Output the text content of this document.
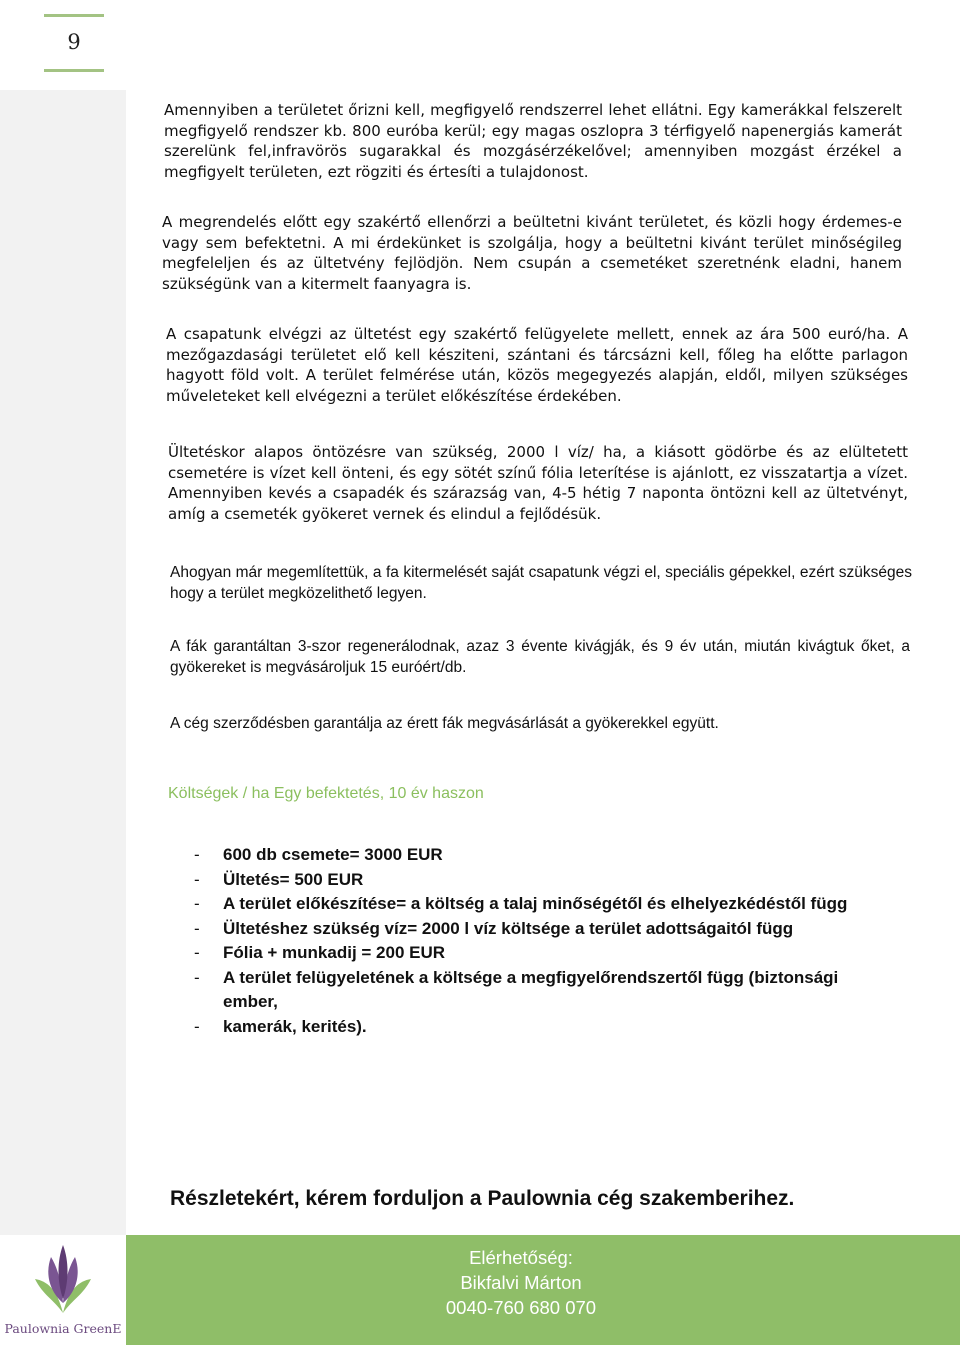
9

Amennyiben a területet őrizni kell, megfigyelő rendszerrel lehet ellátni. Egy kamerákkal felszerelt megfigyelő rendszer kb. 800 euróba kerül; egy magas oszlopra 3 térfigyelő napenergiás kamerát szerelünk fel,infravörös sugarakkal és mozgásérzékelővel; amennyiben mozgást érzékel a megfigyelt területen, ezt rögziti és értesíti a tulajdonost.

A megrendelés előtt egy szakértő ellenőrzi a beültetni kivánt területet, és közli hogy érdemes-e vagy sem befektetni. A mi érdekünket is szolgálja, hogy a beültetni kivánt terület minőségileg megfeleljen és az ültetvény fejlödjön. Nem csupán a csemetéket szeretnénk eladni, hanem szükségünk van a kitermelt faanyagra is.

A csapatunk elvégzi az ültetést egy szakértő felügyelete mellett, ennek az ára 500 euró/ha. A mezőgazdasági területet elő kell késziteni, szántani és tárcsázni kell, főleg ha előtte parlagon hagyott föld volt. A terület felmérése után, közös megegyezés alapján, eldől, milyen szükséges műveleteket kell elvégezni a terület előkészítése érdekében.

Ültetéskor alapos öntözésre van szükség, 2000 l víz/ ha, a kiásott gödörbe és az elültetett csemetére is vízet kell önteni, és egy sötét színű fólia leterítése is ajánlott, ez visszatartja a vízet. Amennyiben kevés a csapadék és szárazság van, 4-5 hétig 7 naponta öntözni kell az ültetvényt, amíg a csemeték gyökeret vernek és elindul a fejlődésük.

Ahogyan már megemlítettük, a fa kitermelését saját csapatunk végzi el, speciális gépekkel, ezért szükséges hogy a terület megközelithető legyen.

A fák garantáltan 3-szor regenerálodnak, azaz 3 évente kivágják, és 9 év után, miután kivágtuk őket, a gyökereket is megvásároljuk 15 euróért/db.

A cég szerződésben garantálja az érett fák megvásárlását a gyökerekkel együtt.

Költségek / ha Egy befektetés, 10 év haszon

-	600 db csemete= 3000 EUR
-	Ültetés= 500 EUR
-	A terület előkészítése= a költség a talaj minőségétől és elhelyezkédéstől függ
-	Ültetéshez szükség víz= 2000 l víz költsége a terület adottságaitól függ
-	Fólia + munkadij = 200 EUR
-	A terület felügyeletének a költsége a megfigyelőrendszertől függ (biztonsági ember,
-	kamerák, kerités).

Részletekért, kérem forduljon a Paulownia cég szakemberihez.

Elérhetőség:
Bikfalvi Márton
0040-760 680 070
Paulownia GreenE
